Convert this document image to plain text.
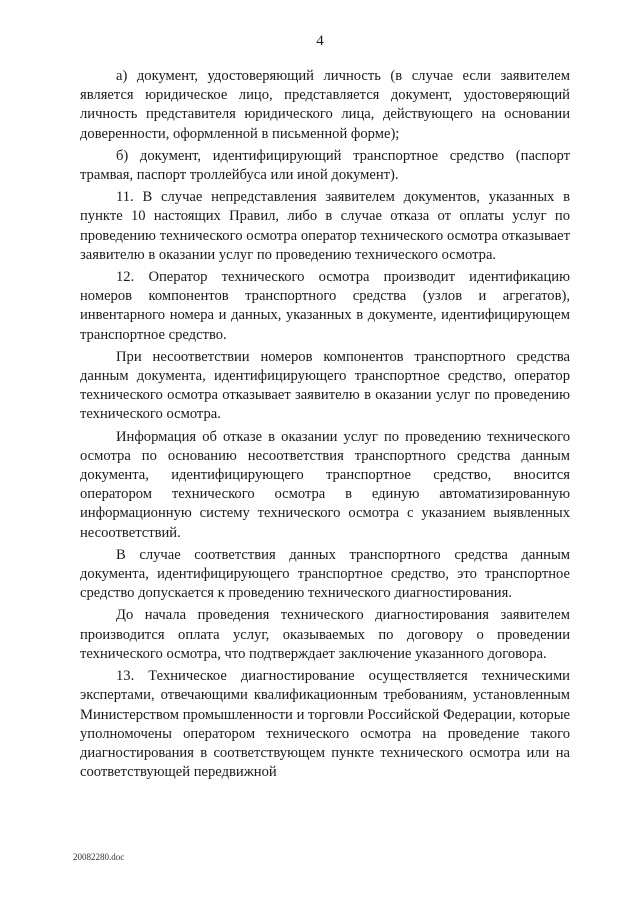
4

а) документ, удостоверяющий личность (в случае если заявителем является юридическое лицо, представляется документ, удостоверяющий личность представителя юридического лица, действующего на основании доверенности, оформленной в письменной форме);

б) документ, идентифицирующий транспортное средство (паспорт трамвая, паспорт троллейбуса или иной документ).

11. В случае непредставления заявителем документов, указанных в пункте 10 настоящих Правил, либо в случае отказа от оплаты услуг по проведению технического осмотра оператор технического осмотра отказывает заявителю в оказании услуг по проведению технического осмотра.

12. Оператор технического осмотра производит идентификацию номеров компонентов транспортного средства (узлов и агрегатов), инвентарного номера и данных, указанных в документе, идентифицирующем транспортное средство.

При несоответствии номеров компонентов транспортного средства данным документа, идентифицирующего транспортное средство, оператор технического осмотра отказывает заявителю в оказании услуг по проведению технического осмотра.

Информация об отказе в оказании услуг по проведению технического осмотра по основанию несоответствия транспортного средства данным документа, идентифицирующего транспортное средство, вносится оператором технического осмотра в единую автоматизированную информационную систему технического осмотра с указанием выявленных несоответствий.

В случае соответствия данных транспортного средства данным документа, идентифицирующего транспортное средство, это транспортное средство допускается к проведению технического диагностирования.

До начала проведения технического диагностирования заявителем производится оплата услуг, оказываемых по договору о проведении технического осмотра, что подтверждает заключение указанного договора.

13. Техническое диагностирование осуществляется техническими экспертами, отвечающими квалификационным требованиям, установленным Министерством промышленности и торговли Российской Федерации, которые уполномочены оператором технического осмотра на проведение такого диагностирования в соответствующем пункте технического осмотра или на соответствующей передвижной

20082280.doc
